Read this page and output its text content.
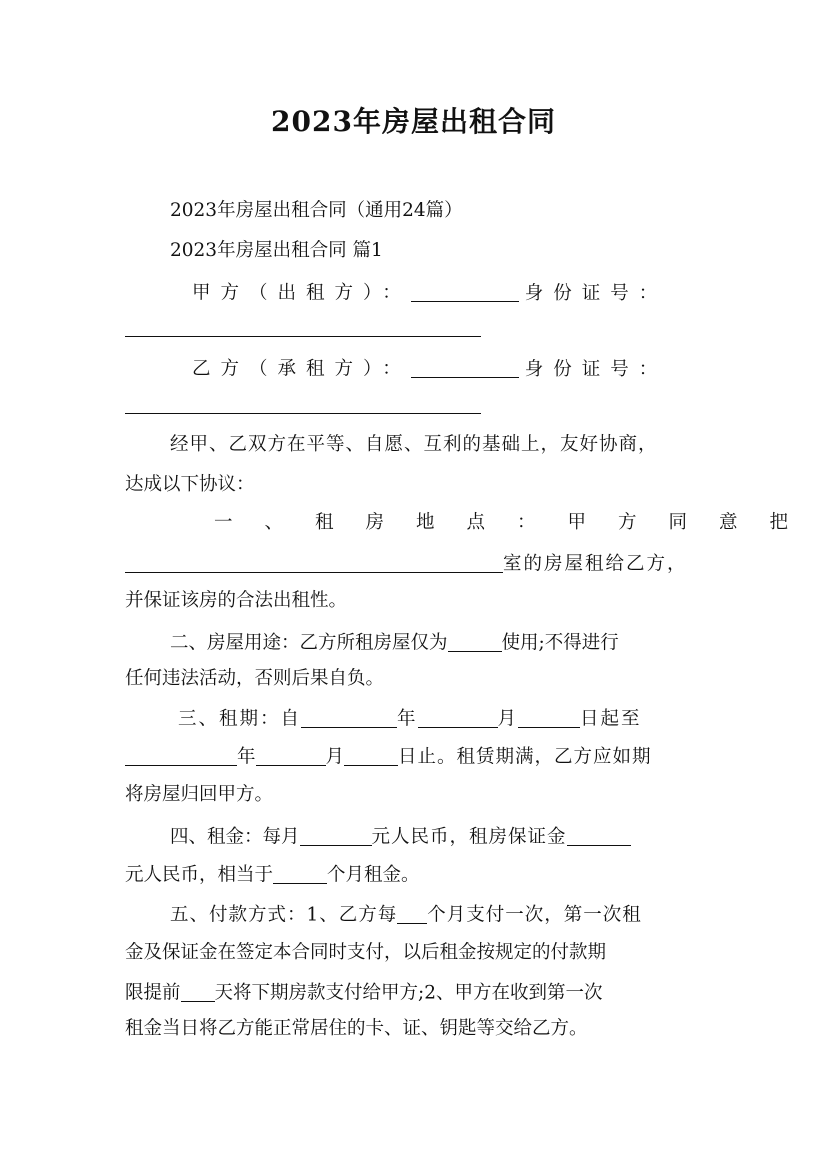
2023年房屋出租合同
2023年房屋出租合同（通用24篇）
2023年房屋出租合同 篇1
甲方（出租方）：	身份证号：
乙方（承租方）：	身份证号：
经甲、乙双方在平等、自愿、互利的基础上，友好协商，
达成以下协议：
一、租房地点：甲方同意把
室的房屋租给乙方，
并保证该房的合法出租性。
二、房屋用途：乙方所租房屋仅为	使用;不得进行
任何违法活动，否则后果自负。
三、租期：自	年	月	日起至
年	月	日止。租赁期满，乙方应如期
将房屋归回甲方。
四、租金：每月	元人民币，租房保证金
元人民币，相当于	个月租金。
五、付款方式：1、乙方每 个月支付一次，第一次租
金及保证金在签定本合同时支付，以后租金按规定的付款期
限提前 天将下期房款支付给甲方;2、甲方在收到第一次
租金当日将乙方能正常居住的卡、证、钥匙等交给乙方。
